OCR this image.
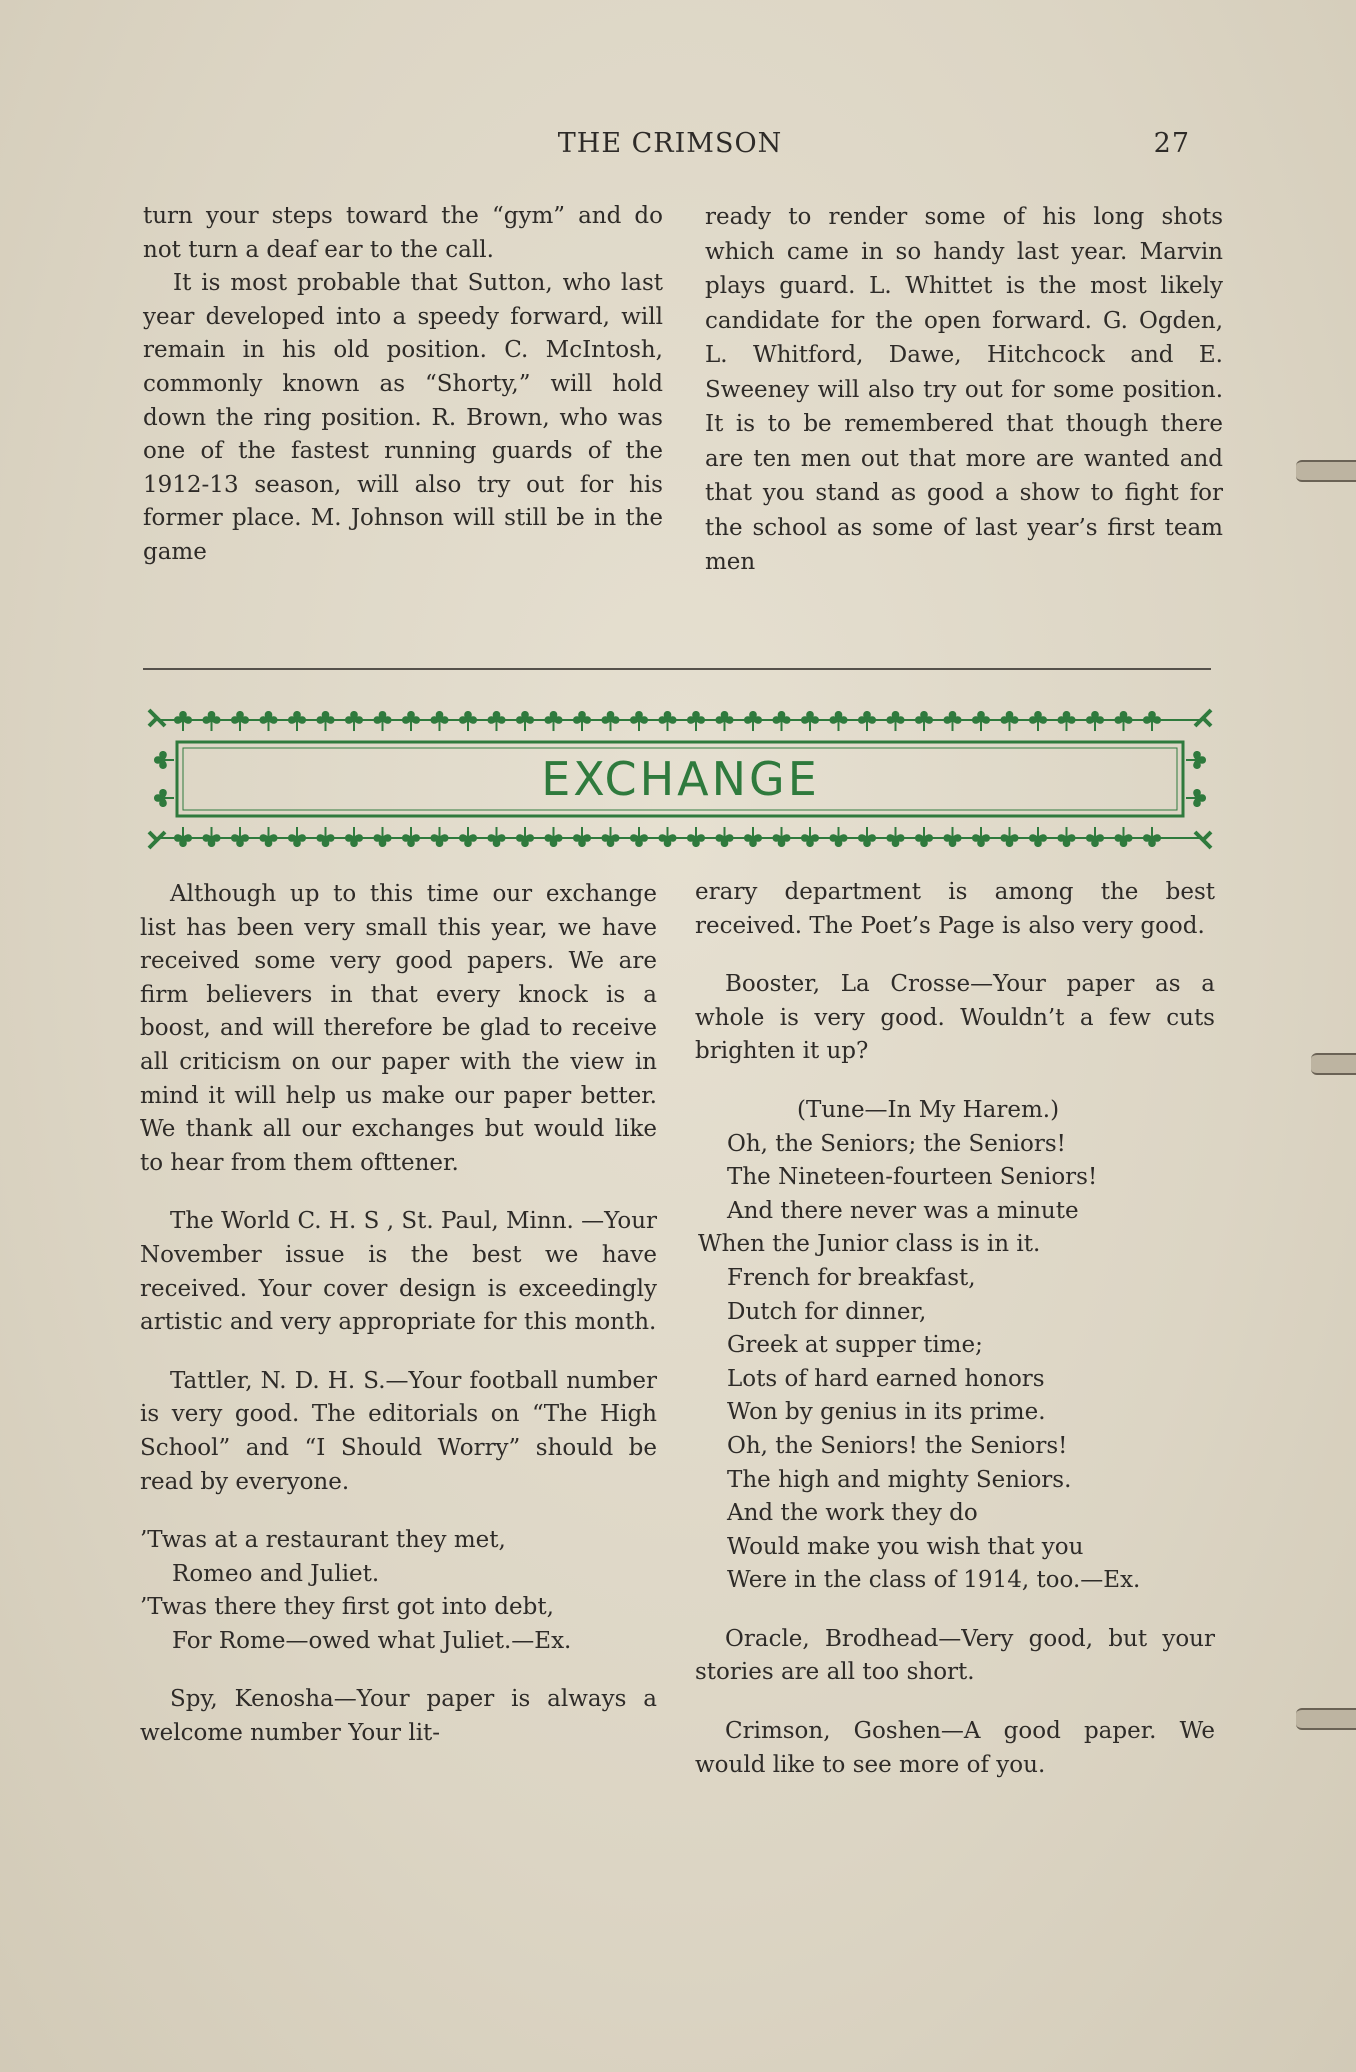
THE CRIMSON	27

turn your steps toward the “gym” and do not turn a deaf ear to the call.

It is most probable that Sutton, who last year developed into a speedy forward, will remain in his old position. C. McIntosh, commonly known as “Shorty,” will hold down the ring position. R. Brown, who was one of the fastest running guards of the 1912-13 season, will also try out for his former place. M. Johnson will still be in the game

ready to render some of his long shots which came in so handy last year. Marvin plays guard. L. Whittet is the most likely candidate for the open forward. G. Ogden, L. Whitford, Dawe, Hitchcock and E. Sweeney will also try out for some position. It is to be remembered that though there are ten men out that more are wanted and that you stand as good a show to fight for the school as some of last year’s first team men

EXCHANGE

Although up to this time our exchange list has been very small this year, we have received some very good papers. We are firm believers in that every knock is a boost, and will therefore be glad to receive all criticism on our paper with the view in mind it will help us make our paper better. We thank all our exchanges but would like to hear from them ofttener.

The World C. H. S , St. Paul, Minn. —Your November issue is the best we have received. Your cover design is exceedingly artistic and very appropriate for this month.

Tattler, N. D. H. S.—Your football number is very good. The editorials on “The High School” and “I Should Worry” should be read by everyone.

’Twas at a restaurant they met,
Romeo and Juliet.
’Twas there they first got into debt,
For Rome—owed what Juliet.—Ex.

Spy, Kenosha—Your paper is always a welcome number Your lit-

erary department is among the best received. The Poet’s Page is also very good.

Booster, La Crosse—Your paper as a whole is very good. Wouldn’t a few cuts brighten it up?

(Tune—In My Harem.)
Oh, the Seniors; the Seniors!
The Nineteen-fourteen Seniors!
And there never was a minute
When the Junior class is in it.
French for breakfast,
Dutch for dinner,
Greek at supper time;
Lots of hard earned honors
Won by genius in its prime.
Oh, the Seniors! the Seniors!
The high and mighty Seniors.
And the work they do
Would make you wish that you
Were in the class of 1914, too.—Ex.

Oracle, Brodhead—Very good, but your stories are all too short.

Crimson, Goshen—A good paper. We would like to see more of you.
